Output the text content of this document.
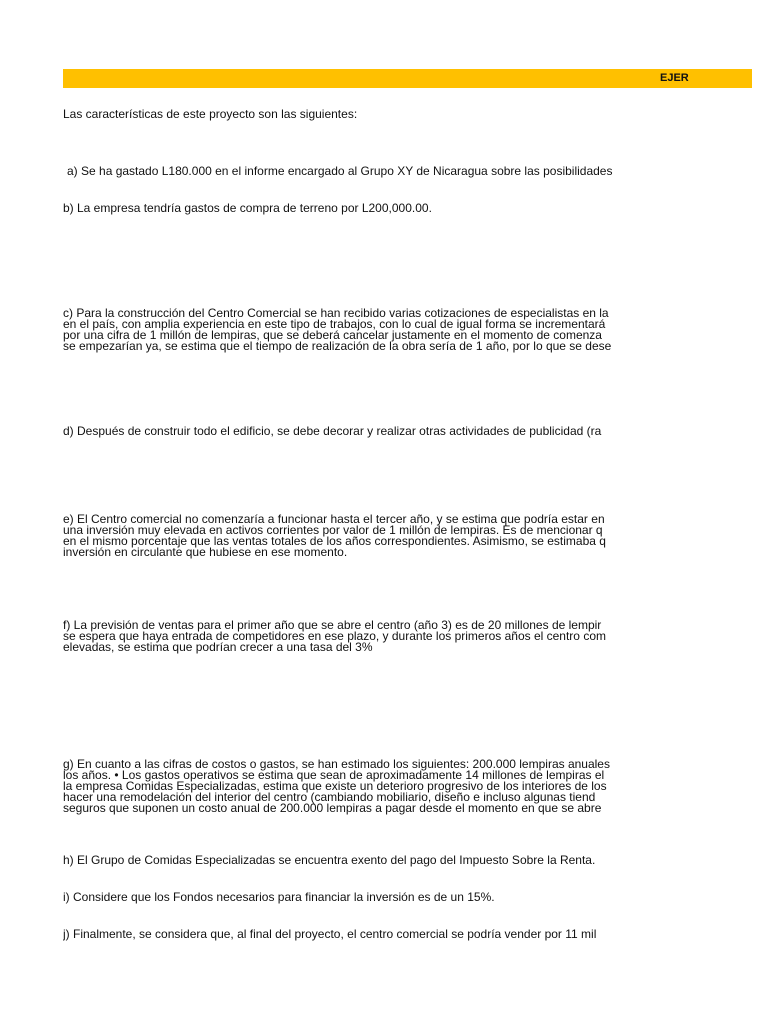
EJER

Las características de este proyecto son las siguientes:

a) Se ha gastado L180.000 en el informe encargado al Grupo XY de Nicaragua sobre las posibilidades

b) La empresa tendría gastos de compra de terreno por L200,000.00.

c) Para la construcción del Centro Comercial se han recibido varias cotizaciones de especialistas en la
en el país, con amplia experiencia en este tipo de trabajos, con lo cual de igual forma se incrementará
por una cifra de 1 millón de lempiras, que se deberá cancelar justamente en el momento de comenza
se empezarían ya, se estima que el tiempo de realización de la obra sería de 1 año, por lo que se dese

d) Después de construir todo el edificio, se debe decorar y realizar otras actividades de publicidad (ra

e) El Centro comercial no comenzaría a funcionar hasta el tercer año, y se estima que podría estar en
una inversión muy elevada en activos corrientes por valor de 1 millón de lempiras. Es de mencionar q
en el mismo porcentaje que las ventas totales de los años correspondientes. Asimismo, se estimaba q
inversión en circulante que hubiese en ese momento.

f) La previsión de ventas para el primer año que se abre el centro (año 3) es de 20 millones de lempir
se espera que haya entrada de competidores en ese plazo, y durante los primeros años el centro com
elevadas, se estima que podrían crecer a una tasa del 3%

g) En cuanto a las cifras de costos o gastos, se han estimado los siguientes: 200.000 lempiras anuales
los años. • Los gastos operativos se estima que sean de aproximadamente 14 millones de lempiras el
la empresa Comidas Especializadas, estima que existe un deterioro progresivo de los interiores de los
hacer una remodelación del interior del centro (cambiando mobiliario, diseño e incluso algunas tiend
seguros que suponen un costo anual de 200.000 lempiras a pagar desde el momento en que se abre

h) El Grupo de Comidas Especializadas se encuentra exento del pago del Impuesto Sobre la Renta.

i) Considere que los Fondos necesarios para financiar la inversión es de un 15%.

j) Finalmente, se considera que, al final del proyecto, el centro comercial se podría vender por 11 mil
